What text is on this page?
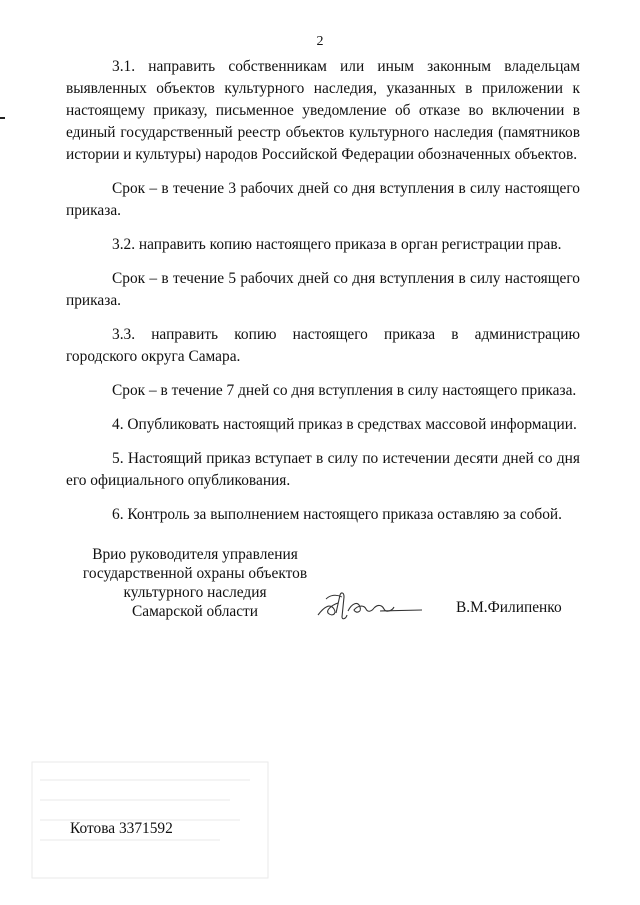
2

3.1. направить собственникам или иным законным владельцам выявленных объектов культурного наследия, указанных в приложении к настоящему приказу, письменное уведомление об отказе во включении в единый государственный реестр объектов культурного наследия (памятников истории и культуры) народов Российской Федерации обозначенных объектов.

Срок – в течение 3 рабочих дней со дня вступления в силу настоящего приказа.

3.2. направить копию настоящего приказа в орган регистрации прав.

Срок – в течение 5 рабочих дней со дня вступления в силу настоящего приказа.

3.3. направить копию настоящего приказа в администрацию городского округа Самара.

Срок – в течение 7 дней со дня вступления в силу настоящего приказа.

4. Опубликовать настоящий приказ в средствах массовой информации.

5. Настоящий приказ вступает в силу по истечении десяти дней со дня его официального опубликования.

6. Контроль за выполнением настоящего приказа оставляю за собой.

Врио руководителя управления
государственной охраны объектов
культурного наследия
Самарской области	В.М.Филипенко
Котова 3371592
